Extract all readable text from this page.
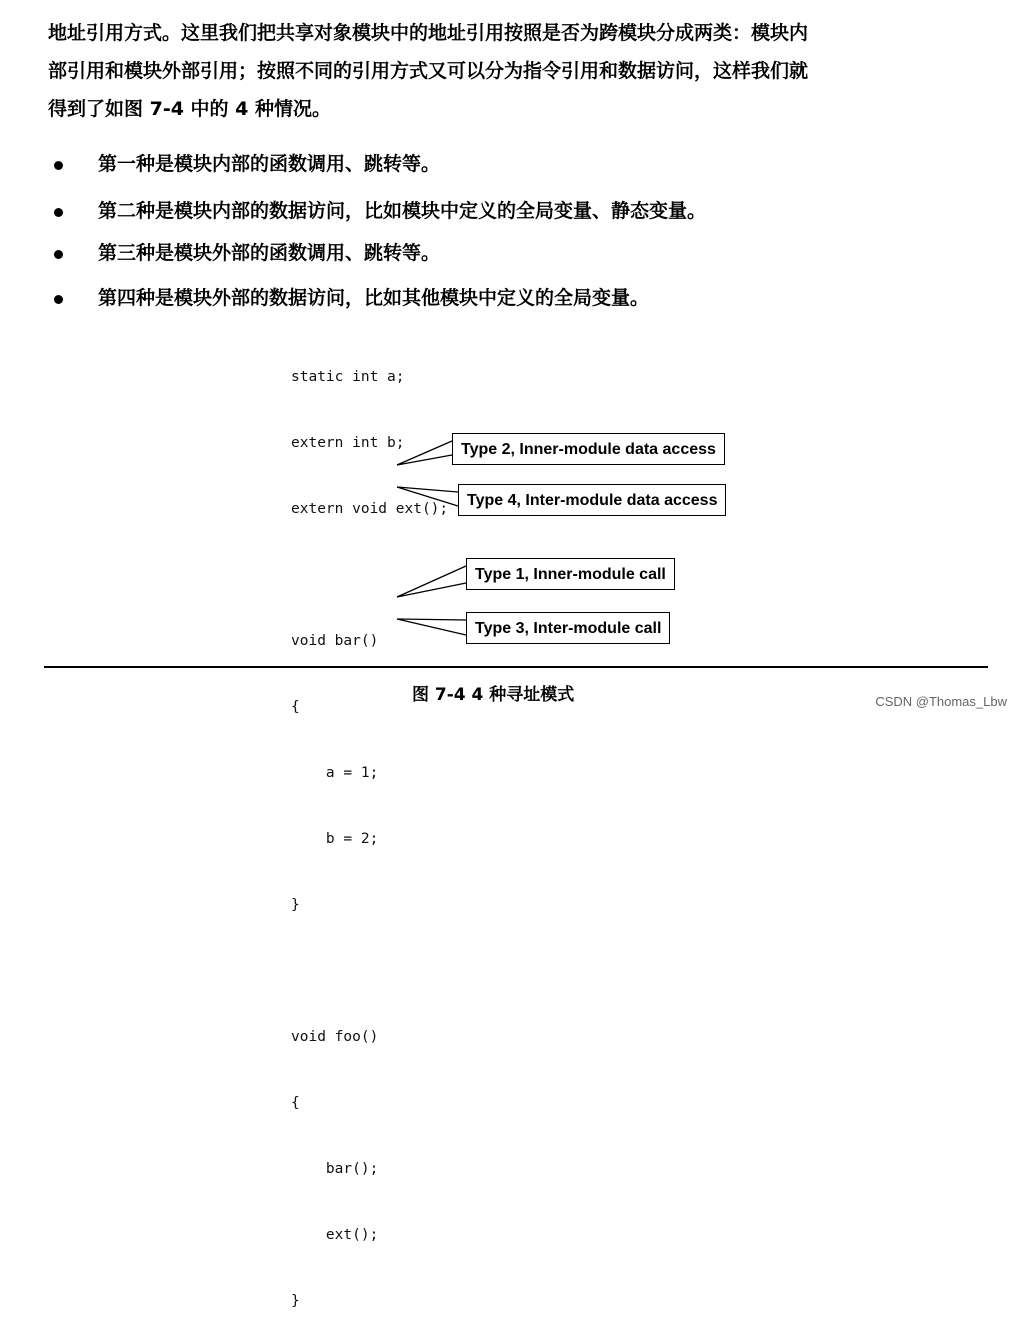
地址引用方式。这里我们把共享对象模块中的地址引用按照是否为跨模块分成两类：模块内
部引用和模块外部引用；按照不同的引用方式又可以分为指令引用和数据访问，这样我们就
得到了如图 7-4 中的 4 种情况。
第一种是模块内部的函数调用、跳转等。
第二种是模块内部的数据访问，比如模块中定义的全局变量、静态变量。
第三种是模块外部的函数调用、跳转等。
第四种是模块外部的数据访问，比如其他模块中定义的全局变量。

static int a;

extern int b;

extern void ext();

void bar()

{

a = 1;

b = 2;

}

void foo()

{

bar();

ext();

}

Type 2, Inner-module data access
Type 4, Inter-module data access
Type 1, Inner-module call
Type 3, Inter-module call
图 7-4 4 种寻址模式	CSDN @Thomas_Lbw
